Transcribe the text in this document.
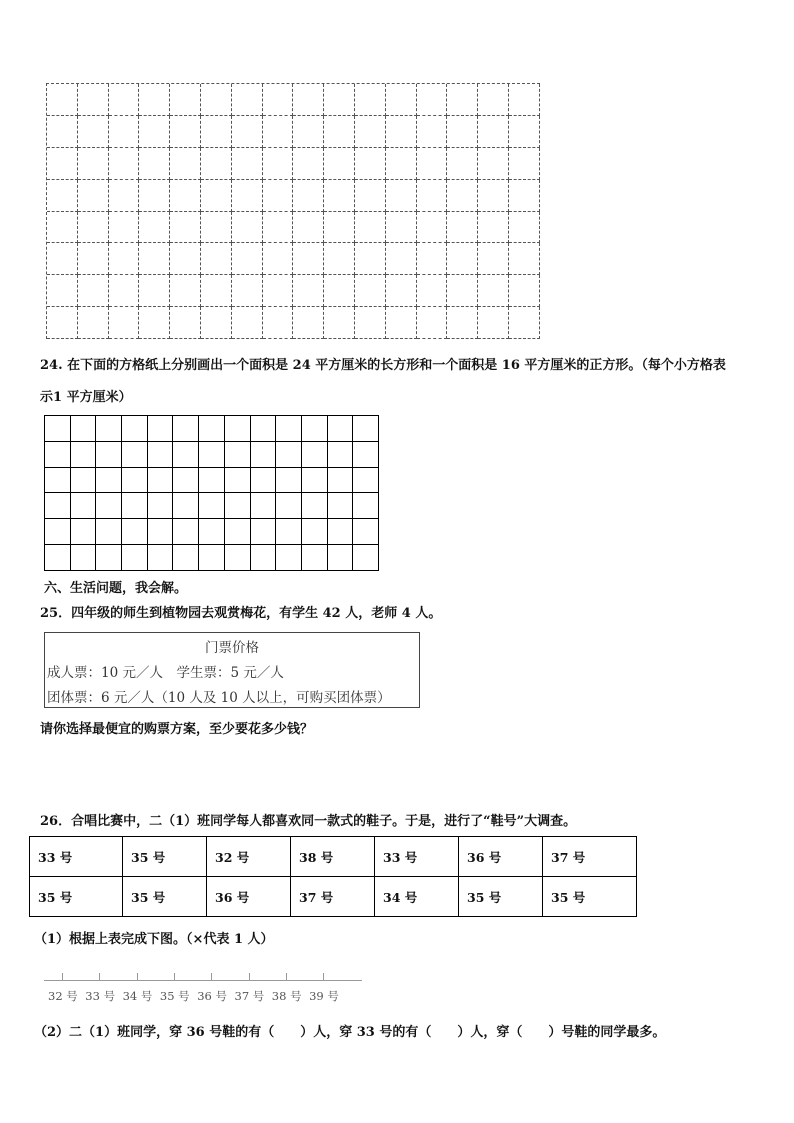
24. 在下面的方格纸上分别画出一个面积是 24 平方厘米的长方形和一个面积是 16 平方厘米的正方形。（每个小方格表
示1 平方厘米）
六、生活问题，我会解。
25．四年级的师生到植物园去观赏梅花，有学生 42 人，老师 4 人。
门票价格
成人票：10 元／人　学生票：5 元／人
团体票：6 元／人（10 人及 10 人以上，可购买团体票）
请你选择最便宜的购票方案，至少要花多少钱？
26．合唱比赛中，二（1）班同学每人都喜欢同一款式的鞋子。于是，进行了“鞋号”大调查。
33 号	35 号	32 号	38 号	33 号	36 号	37 号
35 号	35 号	36 号	37 号	34 号	35 号	35 号
（1）根据上表完成下图。（×代表 1 人）
32 号 33 号 34 号 35 号 36 号 37 号 38 号 39 号
（2）二（1）班同学，穿 36 号鞋的有（　　）人，穿 33 号的有（　　）人，穿（　　）号鞋的同学最多。
